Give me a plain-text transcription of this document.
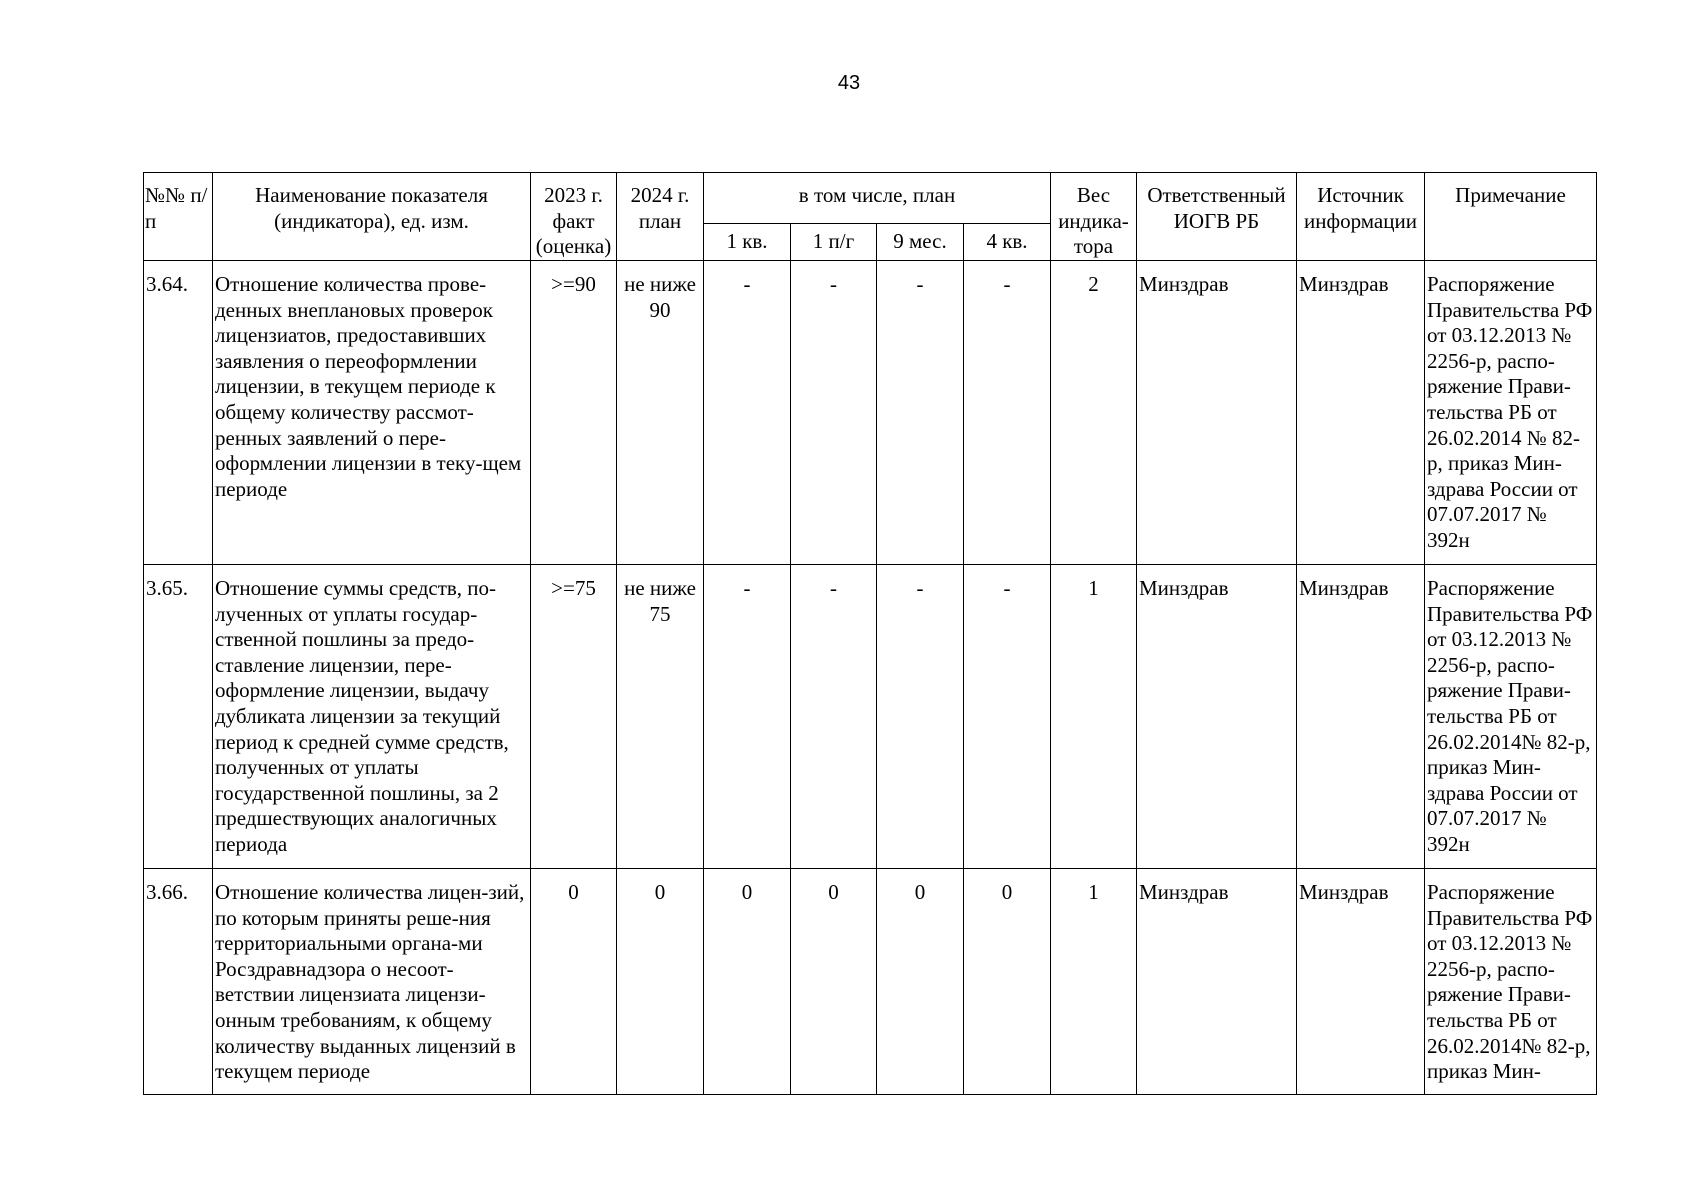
43
№№ п/п	Наименование показателя (индикатора), ед. изм.	2023 г. факт (оценка)	2024 г. план	в том числе, план				Вес индика-тора	Ответственный ИОГВ РБ	Источник информации	Примечание
				1 кв.	1 п/г	9 мес.	4 кв.				
3.64.	Отношение количества прове-денных внеплановых проверок лицензиатов, предоставивших заявления о переоформлении лицензии, в текущем периоде к общему количеству рассмот-ренных заявлений о пере-оформлении лицензии в теку-щем периоде	>=90	не ниже 90	-	-	-	-	2	Минздрав	Минздрав	Распоряжение Правительства РФ от 03.12.2013 № 2256-р, распо-ряжение Прави-тельства РБ от 26.02.2014 № 82-р, приказ Мин-здрава России от 07.07.2017 № 392н
3.65.	Отношение суммы средств, по-лученных от уплаты государ-ственной пошлины за предо-ставление лицензии, пере-оформление лицензии, выдачу дубликата лицензии за текущий период к средней сумме средств, полученных от уплаты государственной пошлины, за 2 предшествующих аналогичных периода	>=75	не ниже 75	-	-	-	-	1	Минздрав	Минздрав	Распоряжение Правительства РФ от 03.12.2013 № 2256-р, распо-ряжение Прави-тельства РБ от 26.02.2014№ 82-р, приказ Мин-здрава России от 07.07.2017 № 392н
3.66.	Отношение количества лицен-зий, по которым приняты реше-ния территориальными органа-ми Росздравнадзора о несоот-ветствии лицензиата лицензи-онным требованиям, к общему количеству выданных лицензий в текущем периоде	0	0	0	0	0	0	1	Минздрав	Минздрав	Распоряжение Правительства РФ от 03.12.2013 № 2256-р, распо-ряжение Прави-тельства РБ от 26.02.2014№ 82-р, приказ Мин-
